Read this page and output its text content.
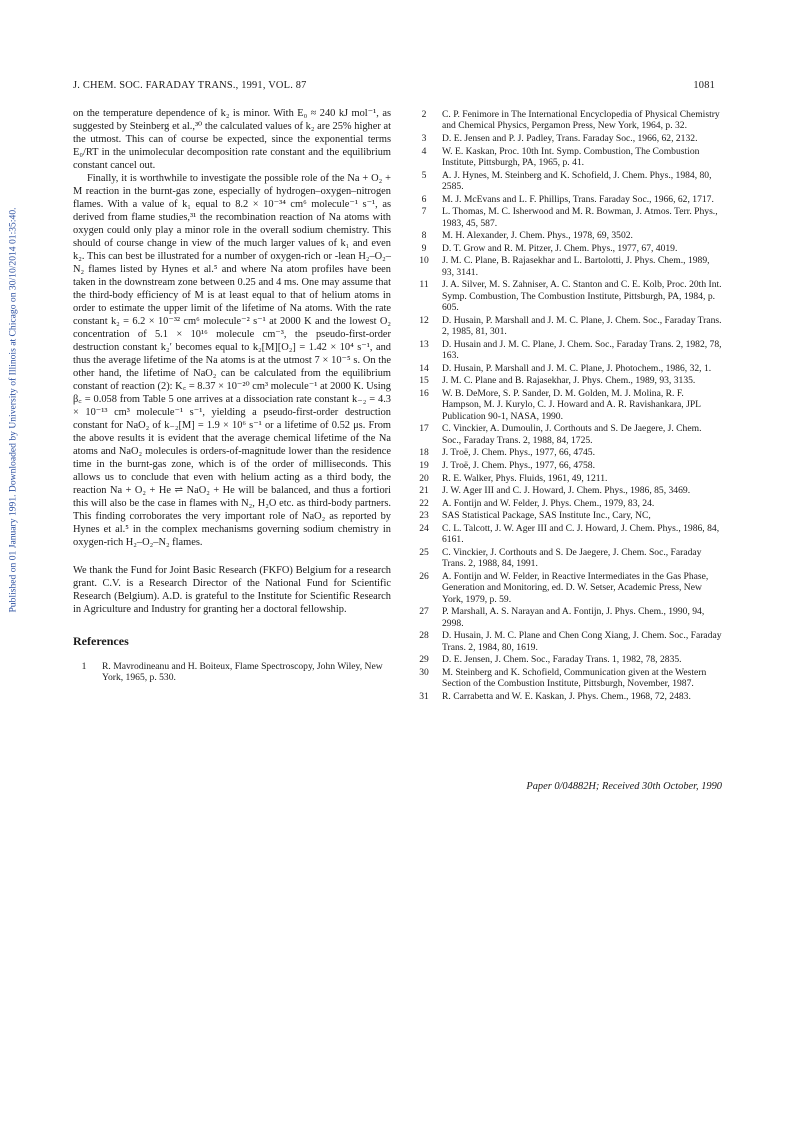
Published on 01 January 1991. Downloaded by University of Illinois at Chicago on 30/10/2014 01:35:40.
J. CHEM. SOC. FARADAY TRANS., 1991, VOL. 87	1081

on the temperature dependence of k₂ is minor. With E₀ ≈ 240 kJ mol⁻¹, as suggested by Steinberg et al.,³⁰ the calculated values of k₂ are 25% higher at the utmost. This can of course be expected, since the exponential terms E₀/RT in the unimolecular decomposition rate constant and the equilibrium constant cancel out.

Finally, it is worthwhile to investigate the possible role of the Na + O₂ + M reaction in the burnt-gas zone, especially of hydrogen–oxygen–nitrogen flames. With a value of k₁ equal to 8.2 × 10⁻³⁴ cm⁶ molecule⁻¹ s⁻¹, as derived from flame studies,³¹ the recombination reaction of Na atoms with oxygen could only play a minor role in the overall sodium chemistry. This should of course change in view of the much larger values of k₁ and even k₂. This can best be illustrated for a number of oxygen-rich or -lean H₂–O₂–N₂ flames listed by Hynes et al.⁵ and where Na atom profiles have been taken in the downstream zone between 0.25 and 4 ms. One may assume that the third-body efficiency of M is at least equal to that of helium atoms in order to estimate the upper limit of the lifetime of Na atoms. With the rate constant k₂ = 6.2 × 10⁻³² cm⁶ molecule⁻² s⁻¹ at 2000 K and the lowest O₂ concentration of 5.1 × 10¹⁶ molecule cm⁻³, the pseudo-first-order destruction constant k₂′ becomes equal to k₂[M][O₂] = 1.42 × 10⁴ s⁻¹, and thus the average lifetime of the Na atoms is at the utmost 7 × 10⁻⁵ s. On the other hand, the lifetime of NaO₂ can be calculated from the equilibrium constant of reaction (2): K꜀ = 8.37 × 10⁻²⁰ cm³ molecule⁻¹ at 2000 K. Using β꜀ = 0.058 from Table 5 one arrives at a dissociation rate constant k₋₂ = 4.3 × 10⁻¹³ cm³ molecule⁻¹ s⁻¹, yielding a pseudo-first-order destruction constant for NaO₂ of k₋₂[M] = 1.9 × 10⁶ s⁻¹ or a lifetime of 0.52 μs. From the above results it is evident that the average chemical lifetime of the Na atoms and NaO₂ molecules is orders-of-magnitude lower than the residence time in the burnt-gas zone, which is of the order of milliseconds. This allows us to conclude that even with helium acting as a third body, the reaction Na + O₂ + He ⇌ NaO₂ + He will be balanced, and thus a fortiori this will also be the case in flames with N₂, H₂O etc. as third-body partners. This finding corroborates the very important role of NaO₂ as reported by Hynes et al.⁵ in the complex mechanisms governing sodium chemistry in oxygen-rich H₂–O₂–N₂ flames.

We thank the Fund for Joint Basic Research (FKFO) Belgium for a research grant. C.V. is a Research Director of the National Fund for Scientific Research (Belgium). A.D. is grateful to the Institute for Scientific Research in Agriculture and Industry for granting her a doctoral fellowship.

References
1	R. Mavrodineanu and H. Boiteux, Flame Spectroscopy, John Wiley, New York, 1965, p. 530.
2	C. P. Fenimore in The International Encyclopedia of Physical Chemistry and Chemical Physics, Pergamon Press, New York, 1964, p. 32.
3	D. E. Jensen and P. J. Padley, Trans. Faraday Soc., 1966, 62, 2132.
4	W. E. Kaskan, Proc. 10th Int. Symp. Combustion, The Combustion Institute, Pittsburgh, PA, 1965, p. 41.
5	A. J. Hynes, M. Steinberg and K. Schofield, J. Chem. Phys., 1984, 80, 2585.
6	M. J. McEvans and L. F. Phillips, Trans. Faraday Soc., 1966, 62, 1717.
7	L. Thomas, M. C. Isherwood and M. R. Bowman, J. Atmos. Terr. Phys., 1983, 45, 587.
8	M. H. Alexander, J. Chem. Phys., 1978, 69, 3502.
9	D. T. Grow and R. M. Pitzer, J. Chem. Phys., 1977, 67, 4019.
10	J. M. C. Plane, B. Rajasekhar and L. Bartolotti, J. Phys. Chem., 1989, 93, 3141.
11	J. A. Silver, M. S. Zahniser, A. C. Stanton and C. E. Kolb, Proc. 20th Int. Symp. Combustion, The Combustion Institute, Pittsburgh, PA, 1984, p. 605.
12	D. Husain, P. Marshall and J. M. C. Plane, J. Chem. Soc., Faraday Trans. 2, 1985, 81, 301.
13	D. Husain and J. M. C. Plane, J. Chem. Soc., Faraday Trans. 2, 1982, 78, 163.
14	D. Husain, P. Marshall and J. M. C. Plane, J. Photochem., 1986, 32, 1.
15	J. M. C. Plane and B. Rajasekhar, J. Phys. Chem., 1989, 93, 3135.
16	W. B. DeMore, S. P. Sander, D. M. Golden, M. J. Molina, R. F. Hampson, M. J. Kurylo, C. J. Howard and A. R. Ravishankara, JPL Publication 90-1, NASA, 1990.
17	C. Vinckier, A. Dumoulin, J. Corthouts and S. De Jaegere, J. Chem. Soc., Faraday Trans. 2, 1988, 84, 1725.
18	J. Troë, J. Chem. Phys., 1977, 66, 4745.
19	J. Troë, J. Chem. Phys., 1977, 66, 4758.
20	R. E. Walker, Phys. Fluids, 1961, 49, 1211.
21	J. W. Ager III and C. J. Howard, J. Chem. Phys., 1986, 85, 3469.
22	A. Fontijn and W. Felder, J. Phys. Chem., 1979, 83, 24.
23	SAS Statistical Package, SAS Institute Inc., Cary, NC,
24	C. L. Talcott, J. W. Ager III and C. J. Howard, J. Chem. Phys., 1986, 84, 6161.
25	C. Vinckier, J. Corthouts and S. De Jaegere, J. Chem. Soc., Faraday Trans. 2, 1988, 84, 1991.
26	A. Fontijn and W. Felder, in Reactive Intermediates in the Gas Phase, Generation and Monitoring, ed. D. W. Setser, Academic Press, New York, 1979, p. 59.
27	P. Marshall, A. S. Narayan and A. Fontijn, J. Phys. Chem., 1990, 94, 2998.
28	D. Husain, J. M. C. Plane and Chen Cong Xiang, J. Chem. Soc., Faraday Trans. 2, 1984, 80, 1619.
29	D. E. Jensen, J. Chem. Soc., Faraday Trans. 1, 1982, 78, 2835.
30	M. Steinberg and K. Schofield, Communication given at the Western Section of the Combustion Institute, Pittsburgh, November, 1987.
31	R. Carrabetta and W. E. Kaskan, J. Phys. Chem., 1968, 72, 2483.
Paper 0/04882H; Received 30th October, 1990
